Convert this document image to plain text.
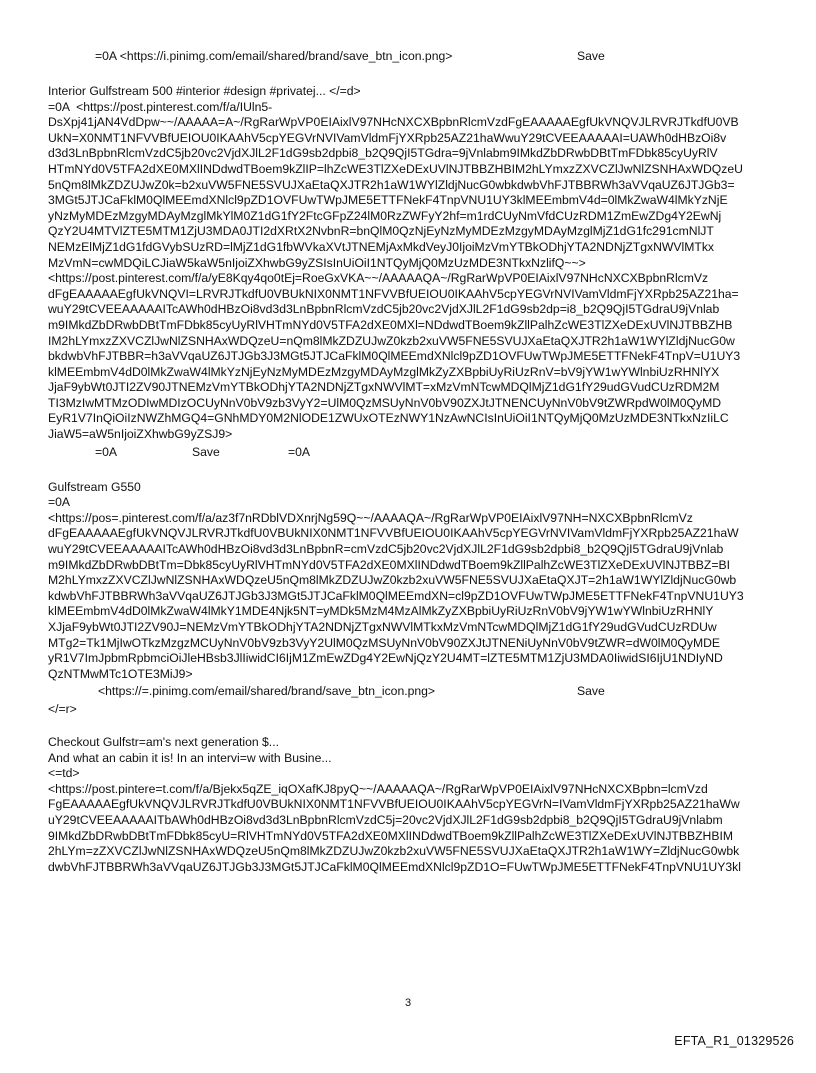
=0A <https://i.pinimg.com/email/shared/brand/save_btn_icon.png>	Save
Interior Gulfstream 500 #interior #design #privatej... </=d>
=0A  <https://post.pinterest.com/f/a/IUln5-
DsXpj41jAN4VdDpw~~/AAAAA=A~/RgRarWpVP0EIAixlV97NHcNXCXBpbnRlcmVzdFgEAAAAAEgfUkVNQVJLRVRJTkdfU0VB
UkN=X0NMT1NFVVBfUEIOU0IKAAhV5cpYEGVrNVIVamVldmFjYXRpb25AZ21haWwuY29tCVEEAAAAAI=UAWh0dHBzOi8v
d3d3LnBpbnRlcmVzdC5jb20vc2VjdXJlL2F1dG9sb2dpbi8_b2Q9QjI5TGdra=9jVnlabm9IMkdZbDRwbDBtTmFDbk85cyUyRlV
HTmNYd0V5TFA2dXE0MXlINDdwdTBoem9kZlIP=lhZcWE3TlZXeDExUVlNJTBBZHBIM2hLYmxzZXVCZlJwNlZSNHAxWDQzeU
5nQm8lMkZDZUJwZ0k=b2xuVW5FNE5SVUJXaEtaQXJTR2h1aW1WYlZldjNucG0wbkdwbVhFJTBBRWh3aVVqaUZ6JTJGb3=
3MGt5JTJCaFklM0QlMEEmdXNlcl9pZD1OVFUwTWpJME5ETTFNekF4TnpVNU1UY3klMEEmbmV4d=0lMkZwaW4lMkYzNjE
yNzMyMDEzMzgyMDAyMzglMkYlM0Z1dG1fY2FtcGFpZ24lM0RzZWFyY2hf=m1rdCUyNmVfdCUzRDM1ZmEwZDg4Y2EwNj
QzY2U4MTVlZTE5MTM1ZjU3MDA0JTI2dXRtX2NvbnR=bnQlM0QzNjEyNzMyMDEzMzgyMDAyMzglMjZ1dG1fc291cmNlJT
NEMzElMjZ1dG1fdGVybSUzRD=lMjZ1dG1fbWVkaXVtJTNEMjAxMkdVeyJ0IjoiMzVmYTBkODhjYTA2NDNjZTgxNWVlMTkx
MzVmN=cwMDQiLCJiaW5kaW5nIjoiZXhwbG9yZSIsInUiOiI1NTQyMjQ0MzUzMDE3NTkxNzlifQ~~>
<https://post.pinterest.com/f/a/yE8Kqy4qo0tEj=RoeGxVKA~~/AAAAAQA~/RgRarWpVP0EIAixlV97NHcNXCXBpbnRlcmVz
dFgEAAAAAEgfUkVNQVI=LRVRJTkdfU0VBUkNIX0NMT1NFVVBfUEIOU0IKAAhV5cpYEGVrNVIVamVldmFjYXRpb25AZ21ha=
wuY29tCVEEAAAAAITcAWh0dHBzOi8vd3d3LnBpbnRlcmVzdC5jb20vc2VjdXJlL2F1dG9sb2dp=i8_b2Q9QjI5TGdraU9jVnlab
m9IMkdZbDRwbDBtTmFDbk85cyUyRlVHTmNYd0V5TFA2dXE0MXl=NDdwdTBoem9kZllPalhZcWE3TlZXeDExUVlNJTBBZHB
IM2hLYmxzZXVCZlJwNlZSNHAxWDQzeU=nQm8lMkZDZUJwZ0kzb2xuVW5FNE5SVUJXaEtaQXJTR2h1aW1WYlZldjNucG0w
bkdwbVhFJTBBR=h3aVVqaUZ6JTJGb3J3MGt5JTJCaFklM0QlMEEmdXNlcl9pZD1OVFUwTWpJME5ETTFNekF4TnpV=U1UY3
klMEEmbmV4dD0lMkZwaW4lMkYzNjEyNzMyMDEzMzgyMDAyMzglMkZyZXBpbiUyRiUzRnV=bV9jYW1wYWlnbiUzRHNlYX
JjaF9ybWt0JTI2ZV90JTNEMzVmYTBkODhjYTA2NDNjZTgxNWVlMT=xMzVmNTcwMDQlMjZ1dG1fY29udGVudCUzRDM2M
TI3MzIwMTMzODIwMDIzOCUyNnV0bV9zb3VyY2=UlM0QzMSUyNnV0bV90ZXJtJTNENCUyNnV0bV9tZWRpdW0lM0QyMD
EyR1V7InQiOiIzNWZhMGQ4=GNhMDY0M2NlODE1ZWUxOTEzNWY1NzAwNCIsInUiOiI1NTQyMjQ0MzUzMDE3NTkxNzIiLC
JiaW5=aW5nIjoiZXhwbG9yZSJ9>
=0A	Save	=0A
Gulfstream G550
=0A
<https://pos=.pinterest.com/f/a/az3f7nRDblVDXnrjNg59Q~~/AAAAQA~/RgRarWpVP0EIAixlV97NH=NXCXBpbnRlcmVz
dFgEAAAAAEgfUkVNQVJLRVRJTkdfU0VBUkNIX0NMT1NFVVBfUEIOU0IKAAhV5cpYEGVrNVIVamVldmFjYXRpb25AZ21haW
wuY29tCVEEAAAAAITcAWh0dHBzOi8vd3d3LnBpbnR=cmVzdC5jb20vc2VjdXJlL2F1dG9sb2dpbi8_b2Q9QjI5TGdraU9jVnlab
m9IMkdZbDRwbDBtTm=Dbk85cyUyRlVHTmNYd0V5TFA2dXE0MXlINDdwdTBoem9kZllPalhZcWE3TlZXeDExUVlNJTBBZ=BI
M2hLYmxzZXVCZlJwNlZSNHAxWDQzeU5nQm8lMkZDZUJwZ0kzb2xuVW5FNE5SVUJXaEtaQXJT=2h1aW1WYlZldjNucG0wb
kdwbVhFJTBBRWh3aVVqaUZ6JTJGb3J3MGt5JTJCaFklM0QlMEEmdXN=cl9pZD1OVFUwTWpJME5ETTFNekF4TnpVNU1UY3
klMEEmbmV4dD0lMkZwaW4lMkY1MDE4Njk5NT=yMDk5MzM4MzAlMkZyZXBpbiUyRiUzRnV0bV9jYW1wYWlnbiUzRHNlY
XJjaF9ybWt0JTI2ZV90J=NEMzVmYTBkODhjYTA2NDNjZTgxNWVlMTkxMzVmNTcwMDQlMjZ1dG1fY29udGVudCUzRDUw
MTg2=Tk1MjIwOTkzMzgzMCUyNnV0bV9zb3VyY2UlM0QzMSUyNnV0bV90ZXJtJTNENiUyNnV0bV9tZWR=dW0lM0QyMDE
yR1V7ImJpbmRpbmciOiJleHBsb3JlIiwidCI6IjM1ZmEwZDg4Y2EwNjQzY2U4MT=lZTE5MTM1ZjU3MDA0IiwidSI6IjU1NDIyND
QzNTMwMTc1OTE3MiJ9>
<https://=.pinimg.com/email/shared/brand/save_btn_icon.png>	Save
</=r>
Checkout Gulfstr=am's next generation $...
And what an cabin it is! In an intervi=w with Busine...
<=td>
<https://post.pintere=t.com/f/a/Bjekx5qZE_iqOXafKJ8pyQ~~/AAAAAQA~/RgRarWpVP0EIAixlV97NHcNXCXBpbn=lcmVzd
FgEAAAAAEgfUkVNQVJLRVRJTkdfU0VBUkNIX0NMT1NFVVBfUEIOU0IKAAhV5cpYEGVrN=IVamVldmFjYXRpb25AZ21haWw
uY29tCVEEAAAAAITbAWh0dHBzOi8vd3d3LnBpbnRlcmVzdC5j=20vc2VjdXJlL2F1dG9sb2dpbi8_b2Q9QjI5TGdraU9jVnlabm
9IMkdZbDRwbDBtTmFDbk85cyU=RlVHTmNYd0V5TFA2dXE0MXlINDdwdTBoem9kZllPalhZcWE3TlZXeDExUVlNJTBBZHBIM
2hLYm=zZXVCZlJwNlZSNHAxWDQzeU5nQm8lMkZDZUJwZ0kzb2xuVW5FNE5SVUJXaEtaQXJTR2h1aW1WY=ZldjNucG0wbk
dwbVhFJTBBRWh3aVVqaUZ6JTJGb3J3MGt5JTJCaFklM0QlMEEmdXNlcl9pZD1O=FUwTWpJME5ETTFNekF4TnpVNU1UY3kl
3
EFTA_R1_01329526
